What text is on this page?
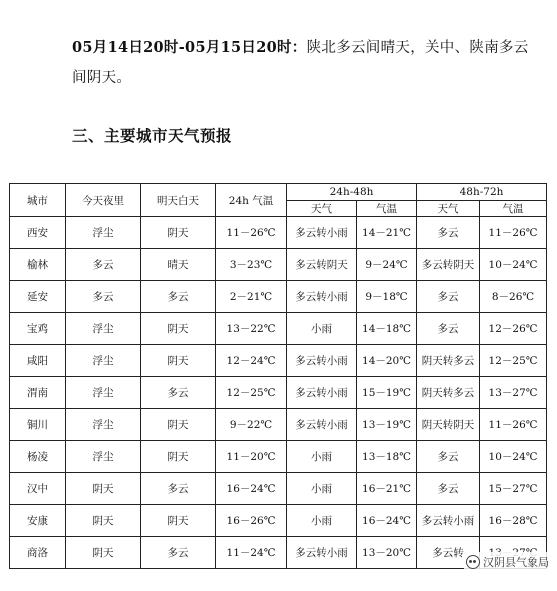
05月14日20时-05月15日20时：陕北多云间晴天，关中、陕南多云间阴天。
三、主要城市天气预报
城市	今天夜里	明天白天	24h 气温	24h-48h		48h-72h	
				天气	气温	天气	气温
西安	浮尘	阴天	11－26℃	多云转小雨	14－21℃	多云	11－26℃
榆林	多云	晴天	3－23℃	多云转阴天	9－24℃	多云转阴天	10－24℃
延安	多云	多云	2－21℃	多云转小雨	9－18℃	多云	8－26℃
宝鸡	浮尘	阴天	13－22℃	小雨	14－18℃	多云	12－26℃
咸阳	浮尘	阴天	12－24℃	多云转小雨	14－20℃	阴天转多云	12－25℃
渭南	浮尘	多云	12－25℃	多云转小雨	15－19℃	阴天转多云	13－27℃
铜川	浮尘	阴天	9－22℃	多云转小雨	13－19℃	阴天转阴天	11－26℃
杨凌	浮尘	阴天	11－20℃	小雨	13－18℃	多云	10－24℃
汉中	阴天	多云	16－24℃	小雨	16－21℃	多云	15－27℃
安康	阴天	阴天	16－26℃	小雨	16－24℃	多云转小雨	16－28℃
商洛	阴天	多云	11－24℃	多云转小雨	13－20℃	多云转	
汉阴县气象局
